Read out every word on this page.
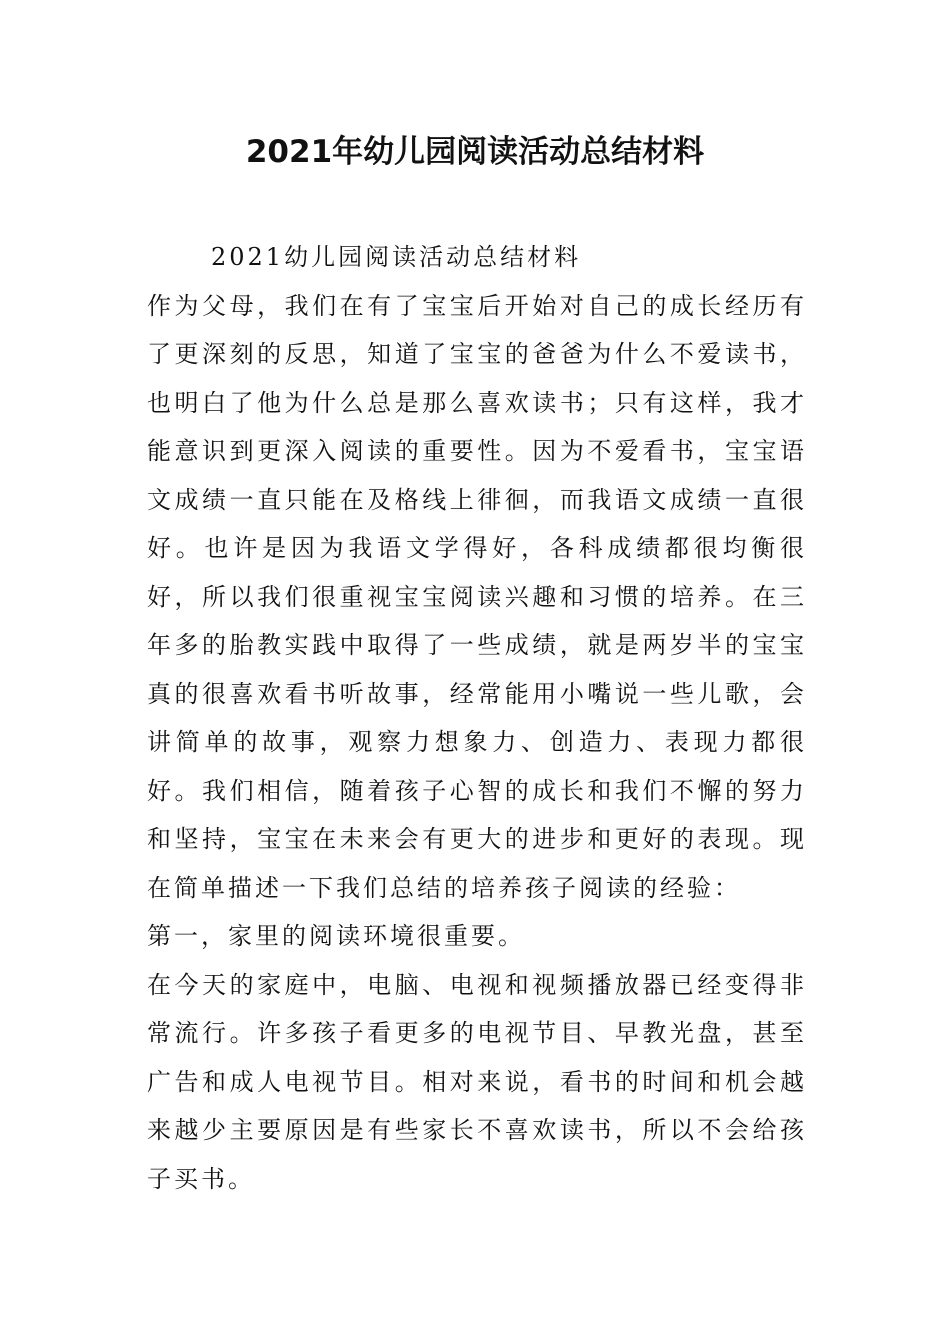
2021年幼儿园阅读活动总结材料

2021幼儿园阅读活动总结材料

作为父母，我们在有了宝宝后开始对自己的成长经历有了更深刻的反思，知道了宝宝的爸爸为什么不爱读书，也明白了他为什么总是那么喜欢读书；只有这样，我才能意识到更深入阅读的重要性。因为不爱看书，宝宝语文成绩一直只能在及格线上徘徊，而我语文成绩一直很好。也许是因为我语文学得好，各科成绩都很均衡很好，所以我们很重视宝宝阅读兴趣和习惯的培养。在三年多的胎教实践中取得了一些成绩，就是两岁半的宝宝真的很喜欢看书听故事，经常能用小嘴说一些儿歌，会讲简单的故事，观察力想象力、创造力、表现力都很好。我们相信，随着孩子心智的成长和我们不懈的努力和坚持，宝宝在未来会有更大的进步和更好的表现。现在简单描述一下我们总结的培养孩子阅读的经验：

第一，家里的阅读环境很重要。

在今天的家庭中，电脑、电视和视频播放器已经变得非常流行。许多孩子看更多的电视节目、早教光盘，甚至广告和成人电视节目。相对来说，看书的时间和机会越来越少主要原因是有些家长不喜欢读书，所以不会给孩子买书。
